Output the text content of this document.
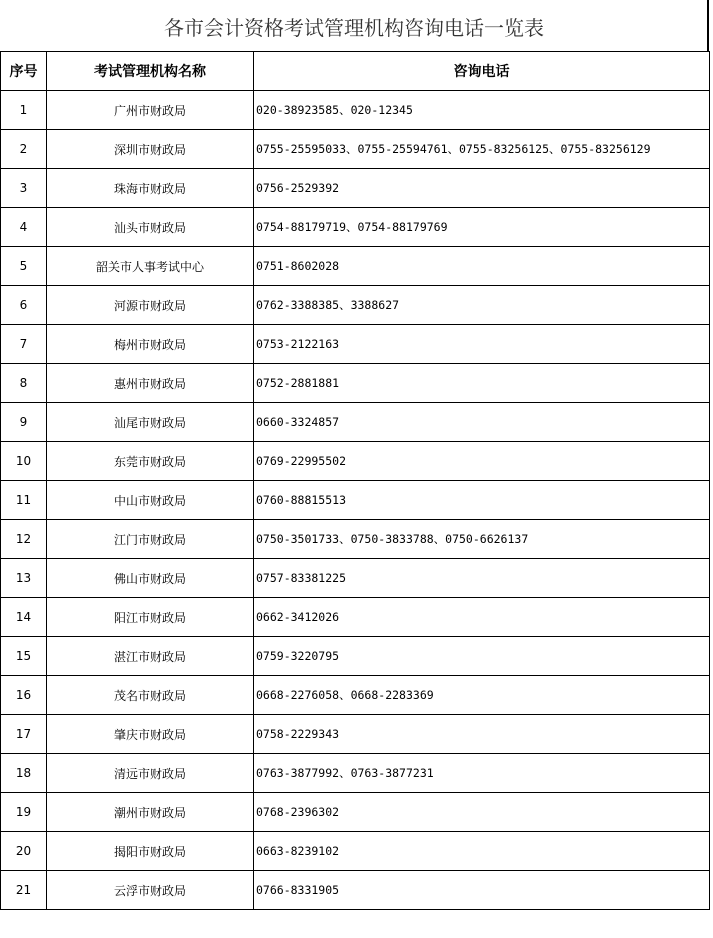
各市会计资格考试管理机构咨询电话一览表
序号	考试管理机构名称	咨询电话
1	广州市财政局	020-38923585、020-12345
2	深圳市财政局	0755-25595033、0755-25594761、0755-83256125、0755-83256129
3	珠海市财政局	0756-2529392
4	汕头市财政局	0754-88179719、0754-88179769
5	韶关市人事考试中心	0751-8602028
6	河源市财政局	0762-3388385、3388627
7	梅州市财政局	0753-2122163
8	惠州市财政局	0752-2881881
9	汕尾市财政局	0660-3324857
10	东莞市财政局	0769-22995502
11	中山市财政局	0760-88815513
12	江门市财政局	0750-3501733、0750-3833788、0750-6626137
13	佛山市财政局	0757-83381225
14	阳江市财政局	0662-3412026
15	湛江市财政局	0759-3220795
16	茂名市财政局	0668-2276058、0668-2283369
17	肇庆市财政局	0758-2229343
18	清远市财政局	0763-3877992、0763-3877231
19	潮州市财政局	0768-2396302
20	揭阳市财政局	0663-8239102
21	云浮市财政局	0766-8331905
